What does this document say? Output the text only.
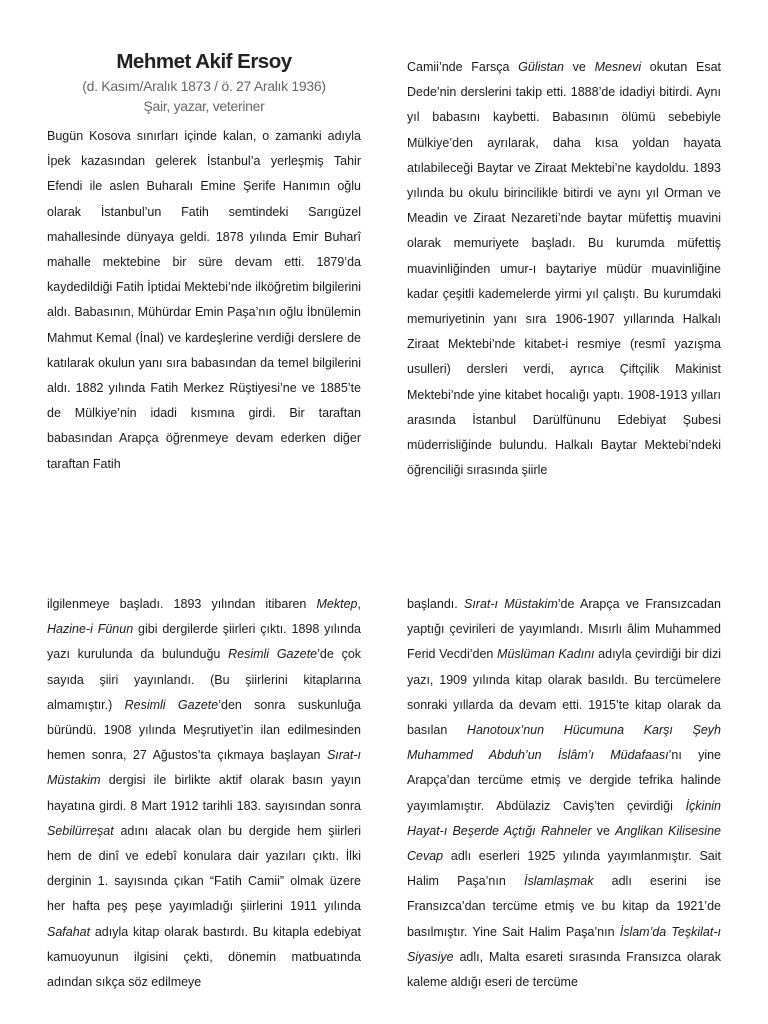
Mehmet Akif Ersoy
(d. Kasım/Aralık 1873 / ö. 27 Aralık 1936)
Şair, yazar, veteriner

Bugün Kosova sınırları içinde kalan, o zamanki adıyla İpek kazasından gelerek İstanbul’a yerleşmiş Tahir Efendi ile aslen Buharalı Emine Şerife Hanımın oğlu olarak İstanbul’un Fatih semtindeki Sarıgüzel mahallesinde dünyaya geldi. 1878 yılında Emir Buharî mahalle mektebine bir süre devam etti. 1879’da kaydedildiği Fatih İptidai Mektebi’nde ilköğretim bilgilerini aldı. Babasının, Mühürdar Emin Paşa’nın oğlu İbnülemin Mahmut Kemal (İnal) ve kardeşlerine verdiği derslere de katılarak okulun yanı sıra babasından da temel bilgilerini aldı. 1882 yılında Fatih Merkez Rüştiyesi’ne ve 1885’te de Mülkiye’nin idadi kısmına girdi. Bir taraftan babasından Arapça öğrenmeye devam ederken diğer taraftan Fatih

Camii’nde Farsça Gülistan ve Mesnevi okutan Esat Dede’nin derslerini takip etti. 1888’de idadiyi bitirdi. Aynı yıl babasını kaybetti. Babasının ölümü sebebiyle Mülkiye’den ayrılarak, daha kısa yoldan hayata atılabileceği Baytar ve Ziraat Mektebi’ne kaydoldu. 1893 yılında bu okulu birincilikle bitirdi ve aynı yıl Orman ve Meadin ve Ziraat Nezareti’nde baytar müfettiş muavini olarak memuriyete başladı. Bu kurumda müfettiş muavinliğinden umur-ı baytariye müdür muavinliğine kadar çeşitli kademelerde yirmi yıl çalıştı. Bu kurumdaki memuriyetinin yanı sıra 1906-1907 yıllarında Halkalı Ziraat Mektebi’nde kitabet-i resmiye (resmî yazışma usulleri) dersleri verdi, ayrıca Çiftçilik Makinist Mektebi’nde yine kitabet hocalığı yaptı. 1908-1913 yılları arasında İstanbul Darülfünunu Edebiyat Şubesi müderrisliğinde bulundu. Halkalı Baytar Mektebi’ndeki öğrenciliği sırasında şiirle

ilgilenmeye başladı. 1893 yılından itibaren Mektep, Hazine-i Fünun gibi dergilerde şiirleri çıktı. 1898 yılında yazı kurulunda da bulunduğu Resimli Gazete’de çok sayıda şiiri yayınlandı. (Bu şiirlerini kitaplarına almamıştır.) Resimli Gazete’den sonra suskunluğa büründü. 1908 yılında Meşrutiyet’in ilan edilmesinden hemen sonra, 27 Ağustos’ta çıkmaya başlayan Sırat-ı Müstakim dergisi ile birlikte aktif olarak basın yayın hayatına girdi. 8 Mart 1912 tarihli 183. sayısından sonra Sebilürreşat adını alacak olan bu dergide hem şiirleri hem de dinî ve edebî konulara dair yazıları çıktı. İlki derginin 1. sayısında çıkan “Fatih Camii” olmak üzere her hafta peş peşe yayımladığı şiirlerini 1911 yılında Safahat adıyla kitap olarak bastırdı. Bu kitapla edebiyat kamuoyunun ilgisini çekti, dönemin matbuatında adından sıkça söz edilmeye

başlandı. Sırat-ı Müstakim’de Arapça ve Fransızcadan yaptığı çevirileri de yayımlandı. Mısırlı âlim Muhammed Ferid Vecdi’den Müslüman Kadını adıyla çevirdiği bir dizi yazı, 1909 yılında kitap olarak basıldı. Bu tercümelere sonraki yıllarda da devam etti. 1915’te kitap olarak da basılan Hanotoux’nun Hücumuna Karşı Şeyh Muhammed Abduh’un İslâm’ı Müdafaası’nı yine Arapça’dan tercüme etmiş ve dergide tefrika halinde yayımlamıştır. Abdülaziz Caviş’ten çevirdiği İçkinin Hayat-ı Beşerde Açtığı Rahneler ve Anglikan Kilisesine Cevap adlı eserleri 1925 yılında yayımlanmıştır. Sait Halim Paşa’nın İslamlaşmak adlı eserini ise Fransızca’dan tercüme etmiş ve bu kitap da 1921’de basılmıştır. Yine Sait Halim Paşa’nın İslam’da Teşkilat-ı Siyasiye adlı, Malta esareti sırasında Fransızca olarak kaleme aldığı eseri de tercüme
